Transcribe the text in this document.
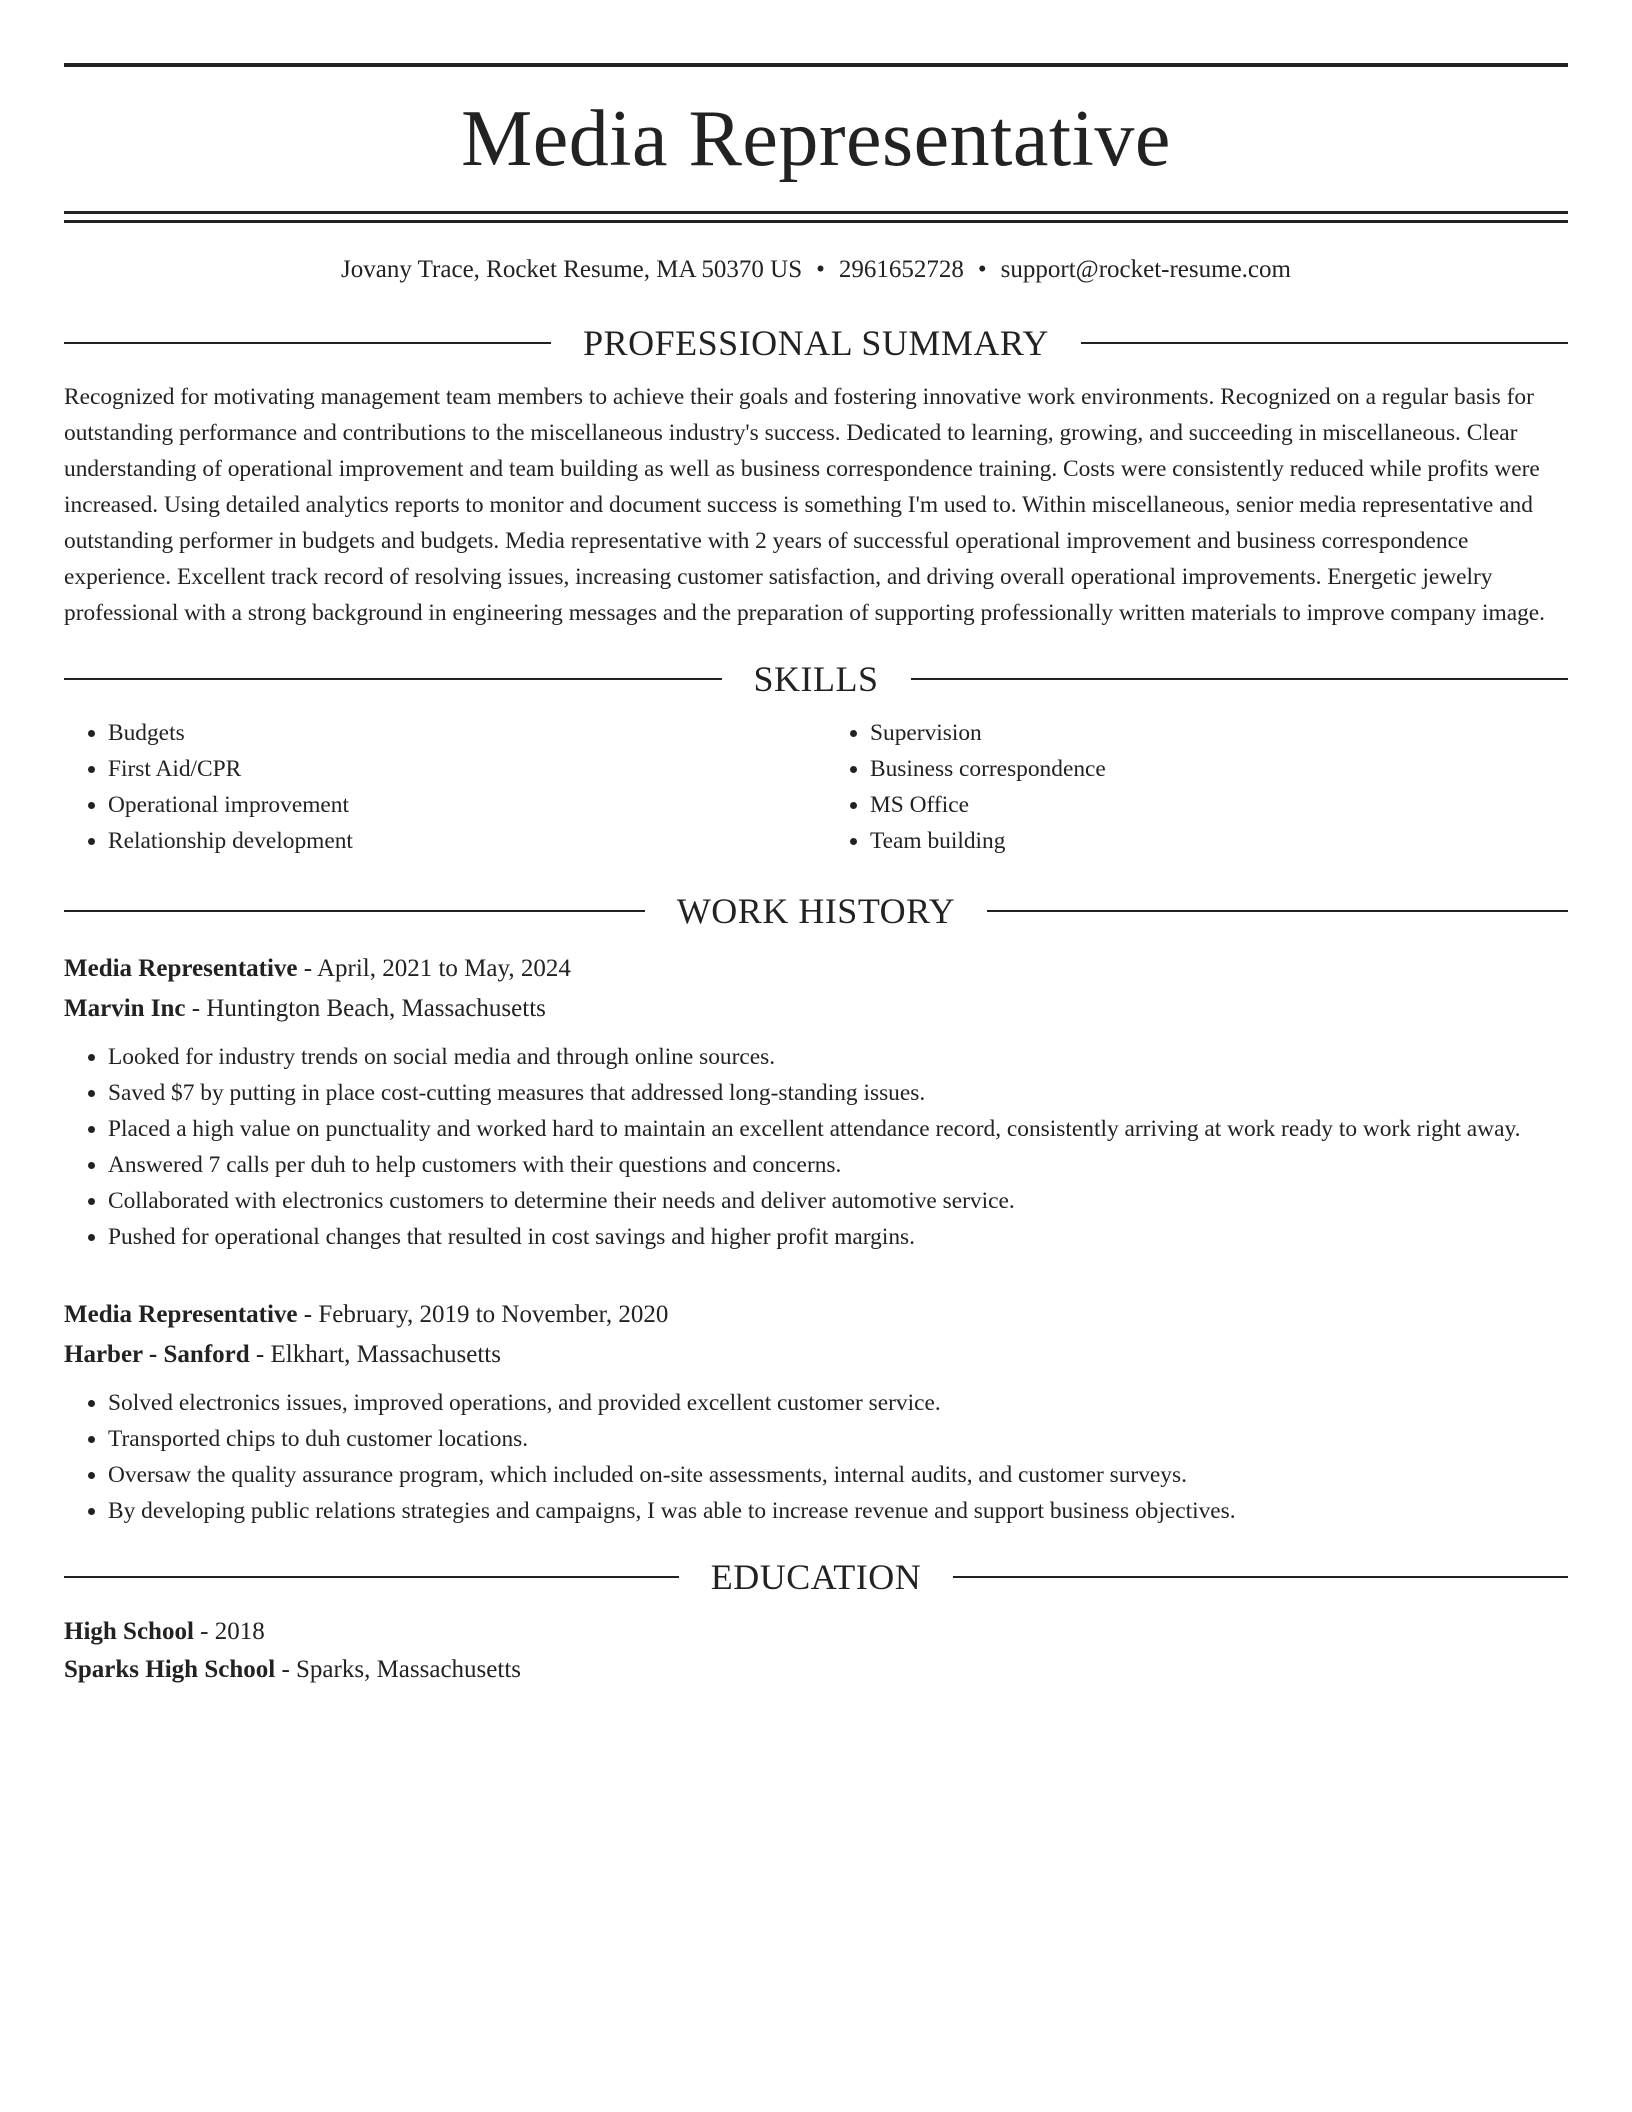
Media Representative
Jovany Trace, Rocket Resume, MA 50370 US • 2961652728 • support@rocket-resume.com
PROFESSIONAL SUMMARY

Recognized for motivating management team members to achieve their goals and fostering innovative work environments. Recognized on a regular basis for outstanding performance and contributions to the miscellaneous industry's success. Dedicated to learning, growing, and succeeding in miscellaneous. Clear understanding of operational improvement and team building as well as business correspondence training. Costs were consistently reduced while profits were increased. Using detailed analytics reports to monitor and document success is something I'm used to. Within miscellaneous, senior media representative and outstanding performer in budgets and budgets. Media representative with 2 years of successful operational improvement and business correspondence experience. Excellent track record of resolving issues, increasing customer satisfaction, and driving overall operational improvements. Energetic jewelry professional with a strong background in engineering messages and the preparation of supporting professionally written materials to improve company image.

SKILLS
• Budgets
• First Aid/CPR
• Operational improvement
• Relationship development
• Supervision
• Business correspondence
• MS Office
• Team building
WORK HISTORY
Media Representative - April, 2021 to May, 2024
Marvin Inc - Huntington Beach, Massachusetts
• Looked for industry trends on social media and through online sources.
• Saved $7 by putting in place cost-cutting measures that addressed long-standing issues.
• Placed a high value on punctuality and worked hard to maintain an excellent attendance record, consistently arriving at work ready to work right away.
• Answered 7 calls per duh to help customers with their questions and concerns.
• Collaborated with electronics customers to determine their needs and deliver automotive service.
• Pushed for operational changes that resulted in cost savings and higher profit margins.
Media Representative - February, 2019 to November, 2020
Harber - Sanford - Elkhart, Massachusetts
• Solved electronics issues, improved operations, and provided excellent customer service.
• Transported chips to duh customer locations.
• Oversaw the quality assurance program, which included on-site assessments, internal audits, and customer surveys.
• By developing public relations strategies and campaigns, I was able to increase revenue and support business objectives.
EDUCATION
High School - 2018
Sparks High School - Sparks, Massachusetts
